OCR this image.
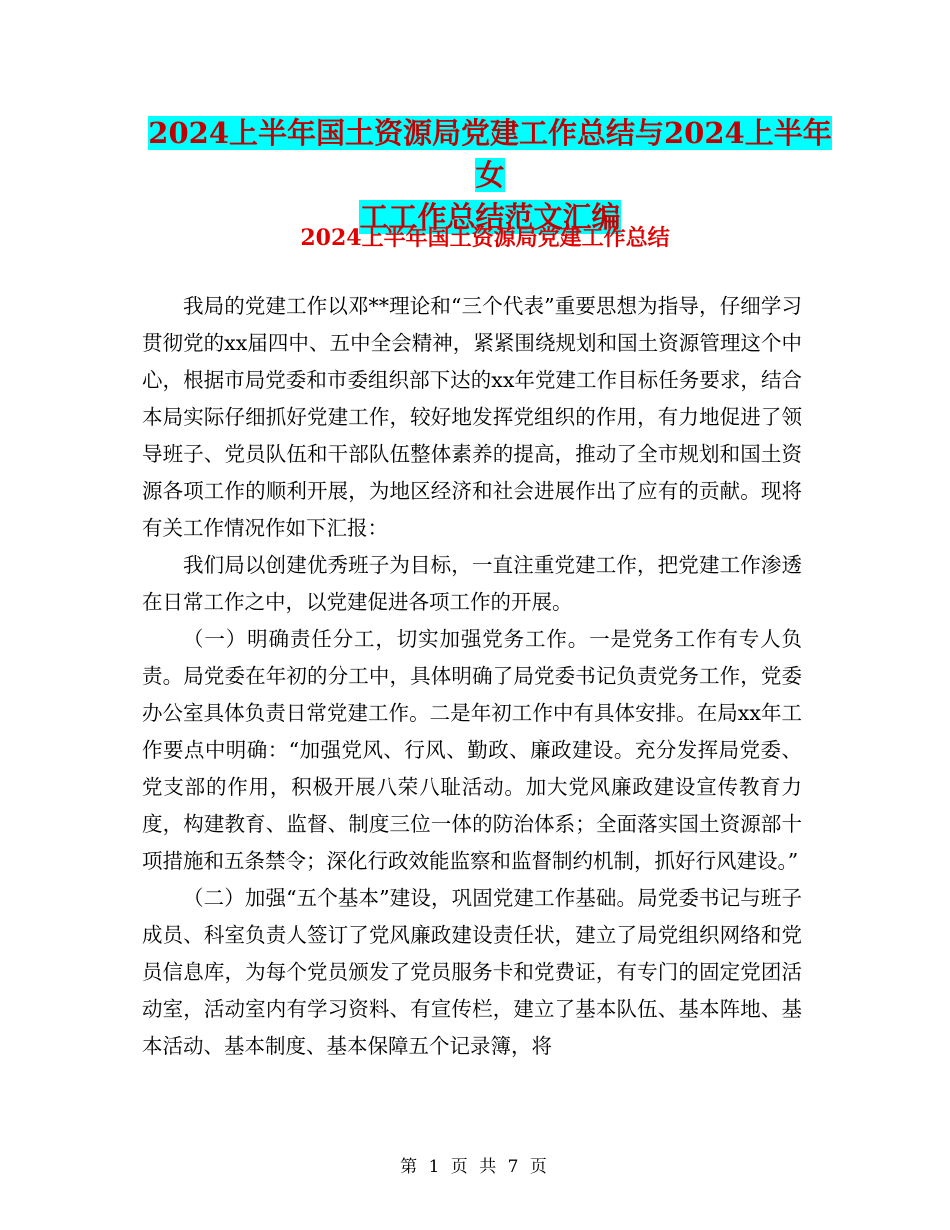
2024上半年国土资源局党建工作总结与2024上半年女
工工作总结范文汇编
2024上半年国土资源局党建工作总结

我局的党建工作以邓**理论和“三个代表”重要思想为指导，仔细学习贯彻党的xx届四中、五中全会精神，紧紧围绕规划和国土资源管理这个中心，根据市局党委和市委组织部下达的xx年党建工作目标任务要求，结合本局实际仔细抓好党建工作，较好地发挥党组织的作用，有力地促进了领导班子、党员队伍和干部队伍整体素养的提高，推动了全市规划和国土资源各项工作的顺利开展，为地区经济和社会进展作出了应有的贡献。现将有关工作情况作如下汇报：

我们局以创建优秀班子为目标，一直注重党建工作，把党建工作渗透在日常工作之中，以党建促进各项工作的开展。

（一）明确责任分工，切实加强党务工作。一是党务工作有专人负责。局党委在年初的分工中，具体明确了局党委书记负责党务工作，党委办公室具体负责日常党建工作。二是年初工作中有具体安排。在局xx年工作要点中明确：“加强党风、行风、勤政、廉政建设。充分发挥局党委、党支部的作用，积极开展八荣八耻活动。加大党风廉政建设宣传教育力度，构建教育、监督、制度三位一体的防治体系；全面落实国土资源部十项措施和五条禁令；深化行政效能监察和监督制约机制，抓好行风建设。”

（二）加强“五个基本”建设，巩固党建工作基础。局党委书记与班子成员、科室负责人签订了党风廉政建设责任状，建立了局党组织网络和党员信息库，为每个党员颁发了党员服务卡和党费证，有专门的固定党团活动室，活动室内有学习资料、有宣传栏，建立了基本队伍、基本阵地、基本活动、基本制度、基本保障五个记录簿，将

第 1 页 共 7 页
